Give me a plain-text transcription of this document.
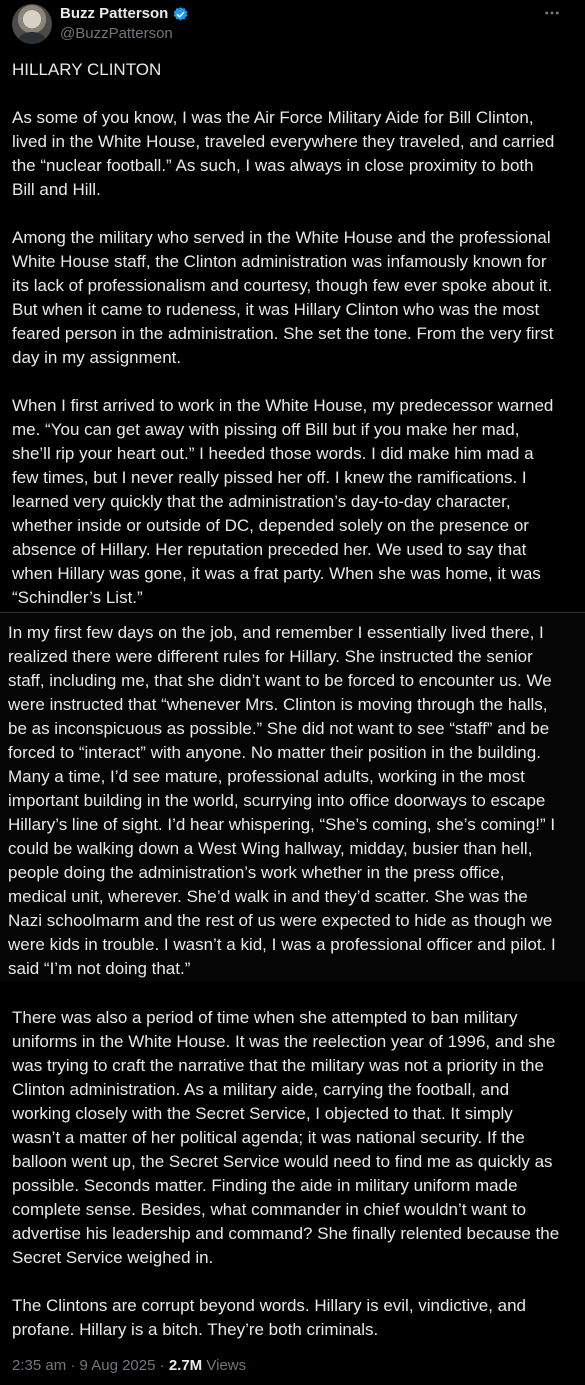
Buzz Patterson
@BuzzPatterson

HILLARY CLINTON

As some of you know, I was the Air Force Military Aide for Bill Clinton,
lived in the White House, traveled everywhere they traveled, and carried
the “nuclear football.” As such, I was always in close proximity to both
Bill and Hill.

Among the military who served in the White House and the professional
White House staff, the Clinton administration was infamously known for
its lack of professionalism and courtesy, though few ever spoke about it.
But when it came to rudeness, it was Hillary Clinton who was the most
feared person in the administration. She set the tone. From the very first
day in my assignment.

When I first arrived to work in the White House, my predecessor warned
me. “You can get away with pissing off Bill but if you make her mad,
she’ll rip your heart out.” I heeded those words. I did make him mad a
few times, but I never really pissed her off. I knew the ramifications. I
learned very quickly that the administration’s day-to-day character,
whether inside or outside of DC, depended solely on the presence or
absence of Hillary. Her reputation preceded her. We used to say that
when Hillary was gone, it was a frat party. When she was home, it was
“Schindler’s List.”

In my first few days on the job, and remember I essentially lived there, I
realized there were different rules for Hillary. She instructed the senior
staff, including me, that she didn’t want to be forced to encounter us. We
were instructed that “whenever Mrs. Clinton is moving through the halls,
be as inconspicuous as possible.” She did not want to see “staff” and be
forced to “interact” with anyone. No matter their position in the building.
Many a time, I’d see mature, professional adults, working in the most
important building in the world, scurrying into office doorways to escape
Hillary’s line of sight. I’d hear whispering, “She’s coming, she’s coming!” I
could be walking down a West Wing hallway, midday, busier than hell,
people doing the administration’s work whether in the press office,
medical unit, wherever. She’d walk in and they’d scatter. She was the
Nazi schoolmarm and the rest of us were expected to hide as though we
were kids in trouble. I wasn’t a kid, I was a professional officer and pilot. I
said “I’m not doing that.”

There was also a period of time when she attempted to ban military
uniforms in the White House. It was the reelection year of 1996, and she
was trying to craft the narrative that the military was not a priority in the
Clinton administration. As a military aide, carrying the football, and
working closely with the Secret Service, I objected to that. It simply
wasn’t a matter of her political agenda; it was national security. If the
balloon went up, the Secret Service would need to find me as quickly as
possible. Seconds matter. Finding the aide in military uniform made
complete sense. Besides, what commander in chief wouldn’t want to
advertise his leadership and command? She finally relented because the
Secret Service weighed in.

The Clintons are corrupt beyond words. Hillary is evil, vindictive, and
profane. Hillary is a bitch. They’re both criminals.

2:35 am · 9 Aug 2025 · 2.7M Views
